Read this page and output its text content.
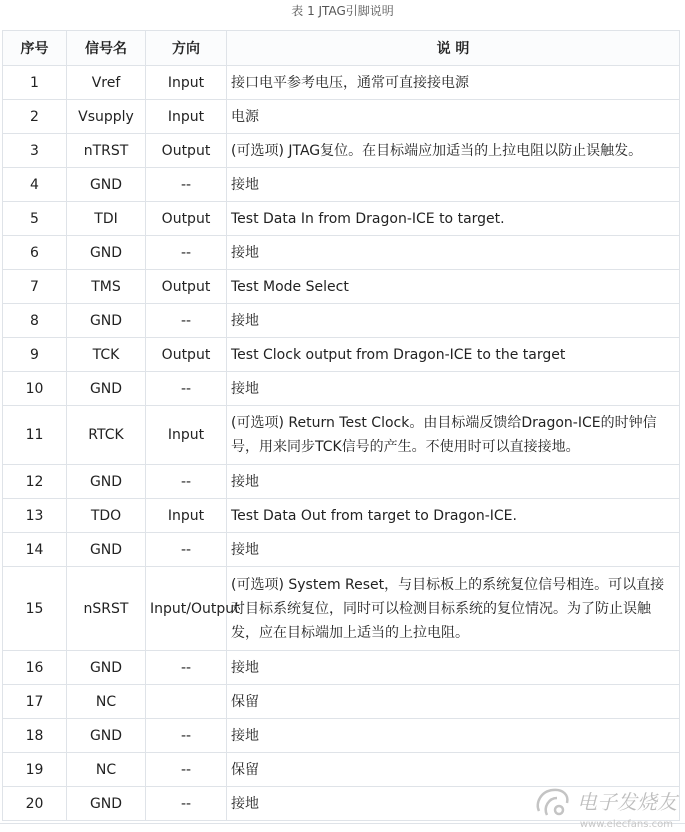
表 1 JTAG引脚说明
序号	信号名	方向	说 明
1	Vref	Input	接口电平参考电压，通常可直接接电源
2	Vsupply	Input	电源
3	nTRST	Output	(可选项) JTAG复位。在目标端应加适当的上拉电阻以防止误触发。
4	GND	--	接地
5	TDI	Output	Test Data In from Dragon-ICE to target.
6	GND	--	接地
7	TMS	Output	Test Mode Select
8	GND	--	接地
9	TCK	Output	Test Clock output from Dragon-ICE to the target
10	GND	--	接地
11	RTCK	Input	(可选项) Return Test Clock。由目标端反馈给Dragon-ICE的时钟信号，用来同步TCK信号的产生。不使用时可以直接接地。
12	GND	--	接地
13	TDO	Input	Test Data Out from target to Dragon-ICE.
14	GND	--	接地
15	nSRST	Input/Output	(可选项) System Reset，与目标板上的系统复位信号相连。可以直接对目标系统复位，同时可以检测目标系统的复位情况。为了防止误触发，应在目标端加上适当的上拉电阻。
16	GND	--	接地
17	NC		保留
18	GND	--	接地
19	NC	--	保留
20	GND	--	接地	电子发烧友
www.elecfans.com
